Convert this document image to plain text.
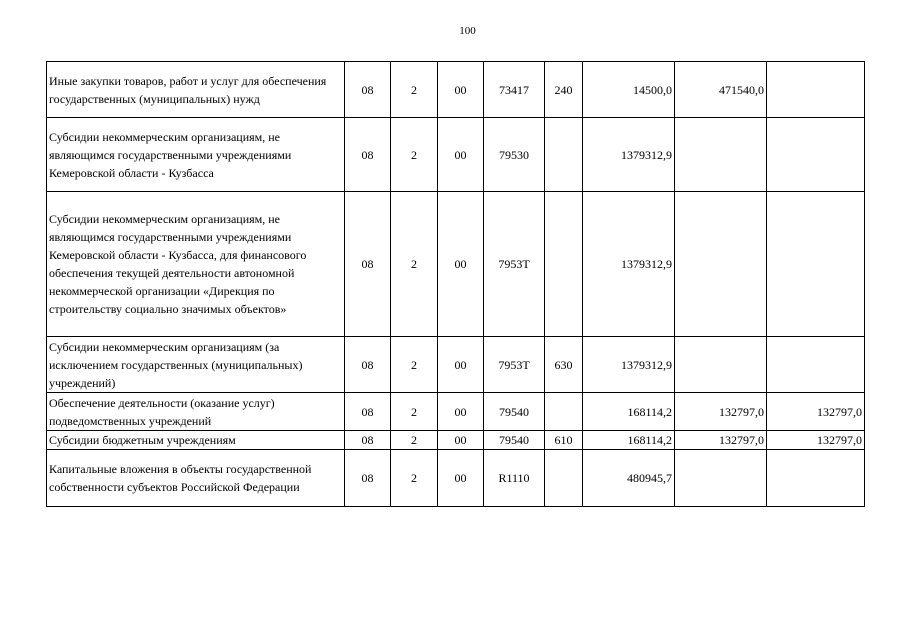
100
Иные закупки товаров, работ и услуг для обеспечения государственных (муниципальных) нужд	08	2	00	73417	240	14500,0	471540,0	
Субсидии некоммерческим организациям, не являющимся государственными учреждениями Кемеровской области - Кузбасса	08	2	00	79530		1379312,9		
Субсидии некоммерческим организациям, не являющимся государственными учреждениями Кемеровской области - Кузбасса, для финансового обеспечения текущей деятельности автономной некоммерческой организации «Дирекция по строительству социально значимых объектов»	08	2	00	7953Т		1379312,9		
Субсидии некоммерческим организациям (за исключением государственных (муниципальных) учреждений)	08	2	00	7953Т	630	1379312,9		
Обеспечение деятельности (оказание услуг) подведомственных учреждений	08	2	00	79540		168114,2	132797,0	132797,0
Субсидии бюджетным учреждениям	08	2	00	79540	610	168114,2	132797,0	132797,0
Капитальные вложения в объекты государственной собственности субъектов Российской Федерации	08	2	00	R1110		480945,7		
